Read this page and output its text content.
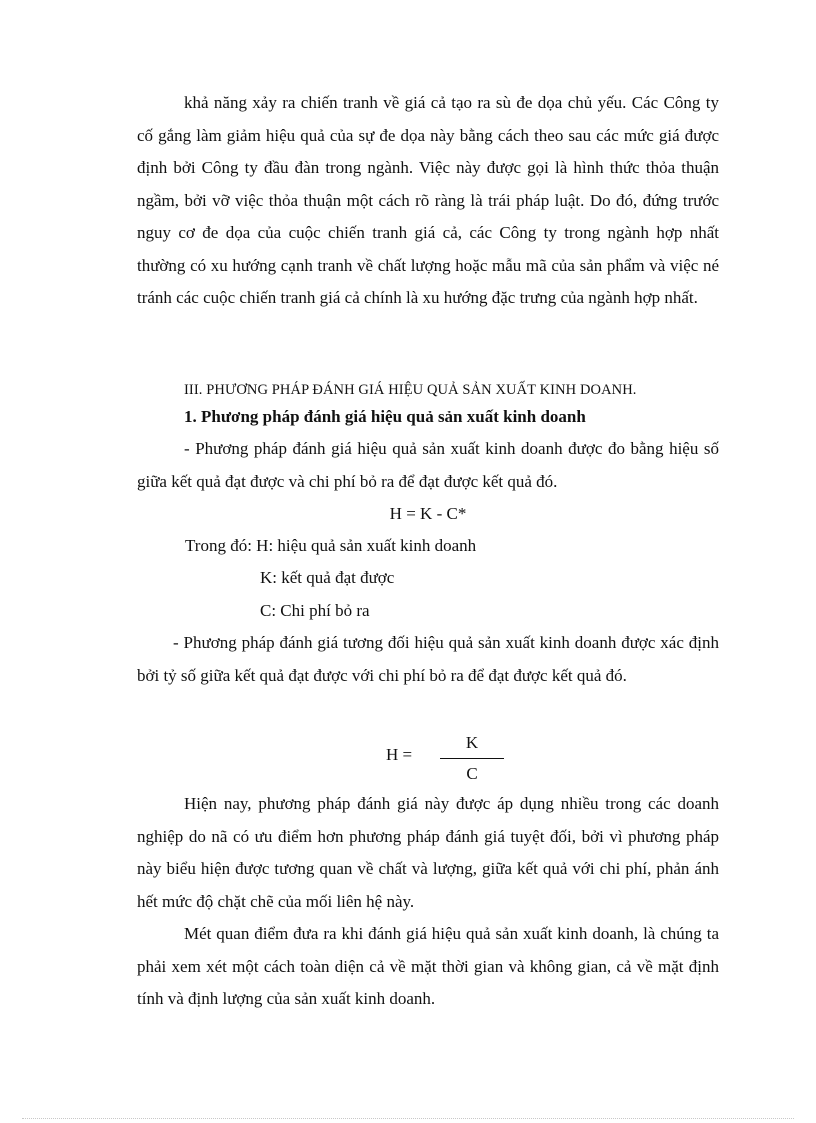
khả năng xảy ra chiến tranh về giá cả tạo ra sù đe dọa chủ yếu. Các Công ty cố gắng làm giảm hiệu quả của sự đe dọa này bằng cách theo sau các mức giá được định bởi Công ty đầu đàn trong ngành. Việc này được gọi là hình thức thỏa thuận ngầm, bởi vỡ việc thỏa thuận một cách rõ ràng là trái pháp luật. Do đó, đứng trước nguy cơ đe dọa của cuộc chiến tranh giá cả, các Công ty trong ngành hợp nhất thường có xu hướng cạnh tranh về chất lượng hoặc mẫu mã của sản phẩm và việc né tránh các cuộc chiến tranh giá cả chính là xu hướng đặc trưng của ngành hợp nhất.

III. PHƯƠNG PHÁP ĐÁNH GIÁ HIỆU QUẢ SẢN XUẤT KINH DOANH.

1. Phương pháp đánh giá hiệu quả sản xuất kinh doanh

- Phương pháp đánh giá hiệu quả sản xuất kinh doanh được đo bằng hiệu số giữa kết quả đạt được và chi phí bỏ ra để đạt được kết quả đó.

H = K - C*

Trong đó: H: hiệu quả sản xuất kinh doanh

K: kết quả đạt được

C: Chi phí bỏ ra

- Phương pháp đánh giá tương đối hiệu quả sản xuất kinh doanh được xác định bởi tỷ số giữa kết quả đạt được với chi phí bỏ ra để đạt được kết quả đó.

H =

K
C

Hiện nay, phương pháp đánh giá này được áp dụng nhiều trong các doanh nghiệp do nã có ưu điểm hơn phương pháp đánh giá tuyệt đối, bởi vì phương pháp này biểu hiện được tương quan về chất và lượng, giữa kết quả với chi phí, phản ánh hết mức độ chặt chẽ của mối liên hệ này.

Mét quan điểm đưa ra khi đánh giá hiệu quả sản xuất kinh doanh, là chúng ta phải xem xét một cách toàn diện cả về mặt thời gian và không gian, cả về mặt định tính và định lượng của sản xuất kinh doanh.
